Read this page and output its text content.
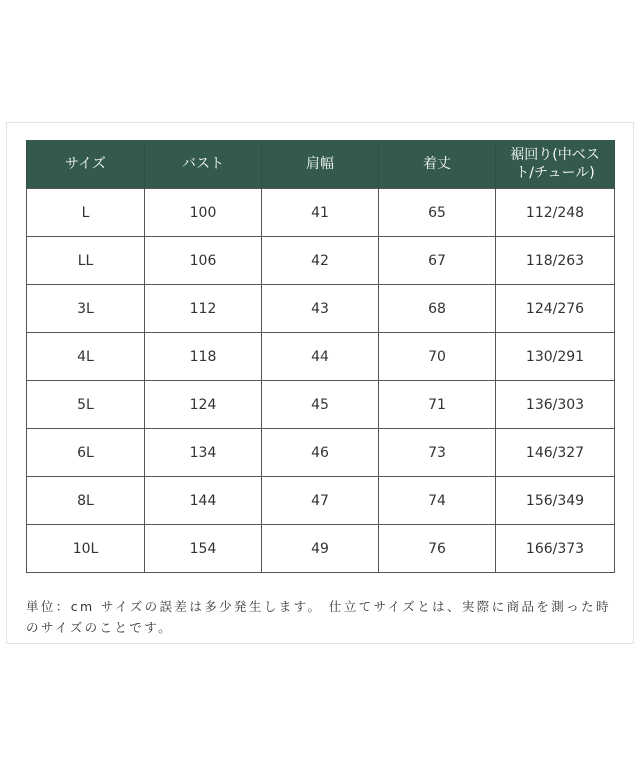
サイズ	バスト	肩幅	着丈	裾回り(中ベス
ト/チュール)

L	100	41	65	112/248
LL	106	42	67	118/263
3L	112	43	68	124/276
4L	118	44	70	130/291
5L	124	45	71	136/303
6L	134	46	73	146/327
8L	144	47	74	156/349
10L	154	49	76	166/373
単位：cm サイズの誤差は多少発生します。 仕立てサイズとは、実際に商品を測った時のサイズのことです。
